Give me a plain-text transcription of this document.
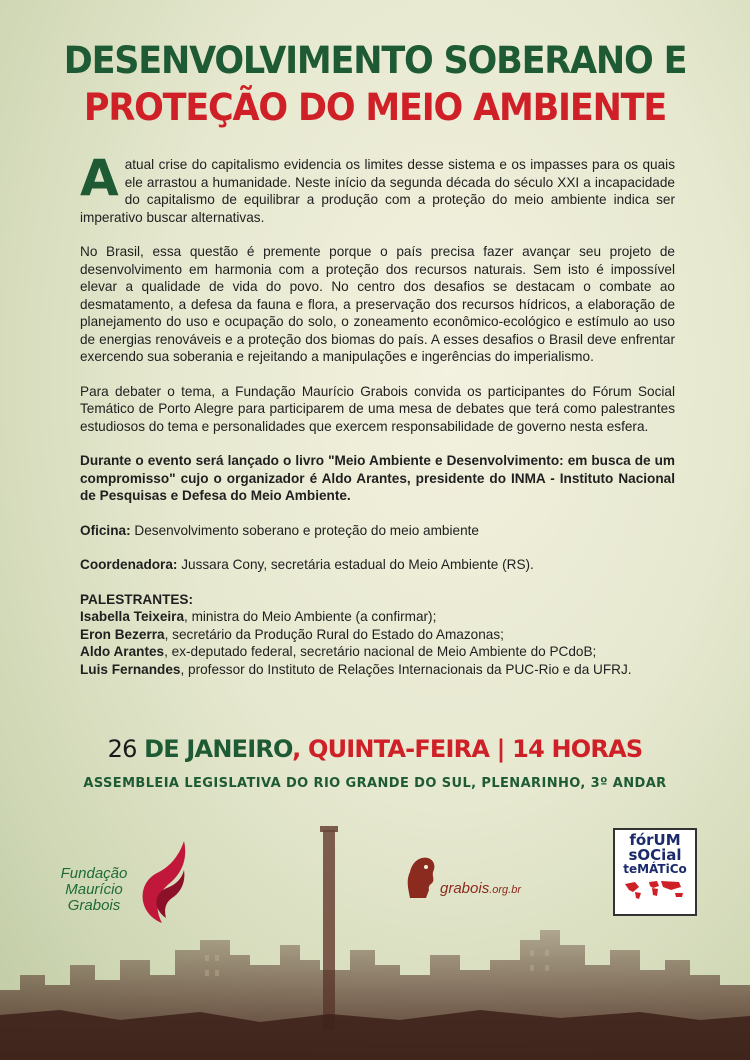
DESENVOLVIMENTO SOBERANO E
PROTEÇÃO DO MEIO AMBIENTE

Aatual crise do capitalismo evidencia os limites desse sistema e os impasses para os quais ele arrastou a humanidade. Neste início da segunda década do século XXI a incapacidade do capitalismo de equilibrar a produção com a proteção do meio ambiente indica ser imperativo buscar alternativas.

No Brasil, essa questão é premente porque o país precisa fazer avançar seu projeto de desenvolvimento em harmonia com a proteção dos recursos naturais. Sem isto é impossível elevar a qualidade de vida do povo. No centro dos desafios se destacam o combate ao desmatamento, a defesa da fauna e flora, a preservação dos recursos hídricos, a elaboração de planejamento do uso e ocupação do solo, o zoneamento econômico-ecológico e estímulo ao uso de energias renováveis e a proteção dos biomas do país. A esses desafios o Brasil deve enfrentar exercendo sua soberania e rejeitando a manipulações e ingerências do imperialismo.

Para debater o tema, a Fundação Maurício Grabois convida os participantes do Fórum Social Temático de Porto Alegre para participarem de uma mesa de debates que terá como palestrantes estudiosos do tema e personalidades que exercem responsabilidade de governo nesta esfera.

Durante o evento será lançado o livro "Meio Ambiente e Desenvolvimento: em busca de um compromisso" cujo o organizador é Aldo Arantes, presidente do INMA - Instituto Nacional de Pesquisas e Defesa do Meio Ambiente.

Oficina: Desenvolvimento soberano e proteção do meio ambiente

Coordenadora: Jussara Cony, secretária estadual do Meio Ambiente (RS).

PALESTRANTES:
Isabella Teixeira, ministra do Meio Ambiente (a confirmar);
Eron Bezerra, secretário da Produção Rural do Estado do Amazonas;
Aldo Arantes, ex-deputado federal, secretário nacional de Meio Ambiente do PCdoB;
Luis Fernandes, professor do Instituto de Relações Internacionais da PUC-Rio e da UFRJ.
26 DE JANEIRO, QUINTA-FEIRA | 14 HORAS
ASSEMBLEIA LEGISLATIVA DO RIO GRANDE DO SUL, PLENARINHO, 3º ANDAR
Fundação
Maurício
Grabois
grabois.org.br
fórUM
sOCial
teMÁTiCo
